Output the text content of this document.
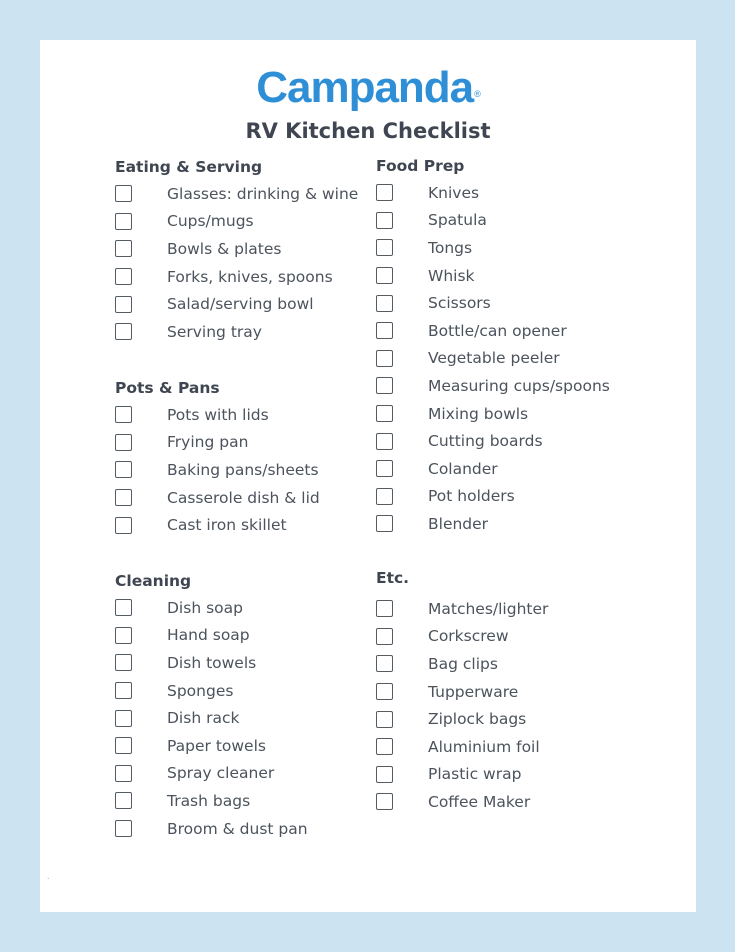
Campanda®
RV Kitchen Checklist
Eating & Serving
Glasses: drinking & wine
Cups/mugs
Bowls & plates
Forks, knives, spoons
Salad/serving bowl
Serving tray
Pots & Pans
Pots with lids
Frying pan
Baking pans/sheets
Casserole dish & lid
Cast iron skillet
Cleaning
Dish soap
Hand soap
Dish towels
Sponges
Dish rack
Paper towels
Spray cleaner
Trash bags
Broom & dust pan
Food Prep
Knives
Spatula
Tongs
Whisk
Scissors
Bottle/can opener
Vegetable peeler
Measuring cups/spoons
Mixing bowls
Cutting boards
Colander
Pot holders
Blender
Etc.
Matches/lighter
Corkscrew
Bag clips
Tupperware
Ziplock bags
Aluminium foil
Plastic wrap
Coffee Maker
`
